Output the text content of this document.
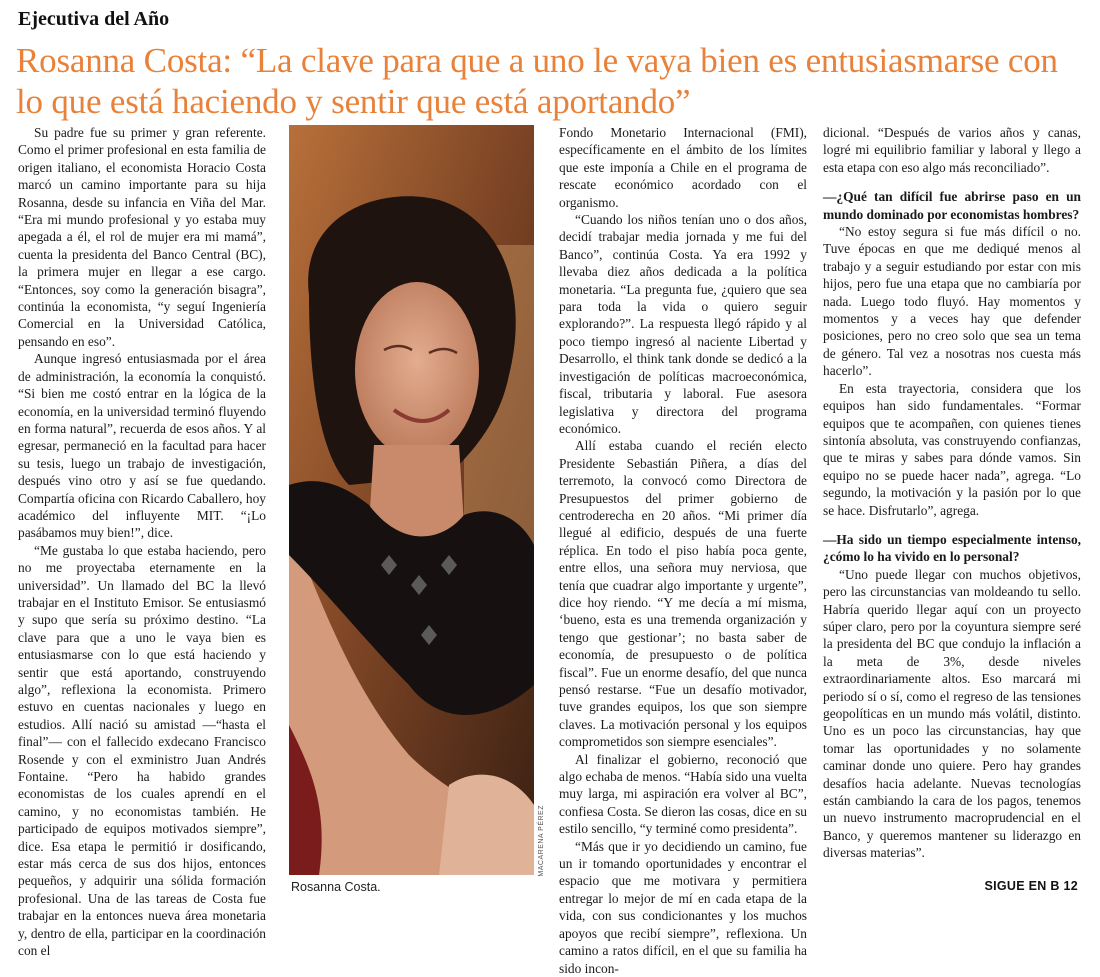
Ejecutiva del Año
Rosanna Costa: “La clave para que a uno le vaya bien es entusiasmarse con lo que está haciendo y sentir que está aportando”

Su padre fue su primer y gran referente. Como el primer profesional en esta familia de origen italiano, el economista Horacio Costa marcó un camino importante para su hija Rosanna, desde su infancia en Viña del Mar. “Era mi mundo profesional y yo estaba muy apegada a él, el rol de mujer era mi mamá”, cuenta la presidenta del Banco Central (BC), la primera mujer en llegar a ese cargo. “Entonces, soy como la generación bisagra”, continúa la economista, “y seguí Ingeniería Comercial en la Universidad Católica, pensando en eso”.

Aunque ingresó entusiasmada por el área de administración, la economía la conquistó. “Si bien me costó entrar en la lógica de la economía, en la universidad terminó fluyendo en forma natural”, recuerda de esos años. Y al egresar, permaneció en la facultad para hacer su tesis, luego un trabajo de investigación, después vino otro y así se fue quedando. Compartía oficina con Ricardo Caballero, hoy académico del influyente MIT. “¡Lo pasábamos muy bien!”, dice.

“Me gustaba lo que estaba haciendo, pero no me proyectaba eternamente en la universidad”. Un llamado del BC la llevó trabajar en el Instituto Emisor. Se entusiasmó y supo que sería su próximo destino. “La clave para que a uno le vaya bien es entusiasmarse con lo que está haciendo y sentir que está aportando, construyendo algo”, reflexiona la economista. Primero estuvo en cuentas nacionales y luego en estudios. Allí nació su amistad —“hasta el final”— con el fallecido exdecano Francisco Rosende y con el exministro Juan Andrés Fontaine. “Pero ha habido grandes economistas de los cuales aprendí en el camino, y no economistas también. He participado de equipos motivados siempre”, dice. Esa etapa le permitió ir dosificando, estar más cerca de sus dos hijos, entonces pequeños, y adquirir una sólida formación profesional. Una de las tareas de Costa fue trabajar en la entonces nueva área monetaria y, dentro de ella, participar en la coordinación con el

MACARENA PÉREZ
Rosanna Costa.

Fondo Monetario Internacional (FMI), específicamente en el ámbito de los límites que este imponía a Chile en el programa de rescate económico acordado con el organismo.

“Cuando los niños tenían uno o dos años, decidí trabajar media jornada y me fui del Banco”, continúa Costa. Ya era 1992 y llevaba diez años dedicada a la política monetaria. “La pregunta fue, ¿quiero que sea para toda la vida o quiero seguir explorando?”. La respuesta llegó rápido y al poco tiempo ingresó al naciente Libertad y Desarrollo, el think tank donde se dedicó a la investigación de políticas macroeconómica, fiscal, tributaria y laboral. Fue asesora legislativa y directora del programa económico.

Allí estaba cuando el recién electo Presidente Sebastián Piñera, a días del terremoto, la convocó como Directora de Presupuestos del primer gobierno de centroderecha en 20 años. “Mi primer día llegué al edificio, después de una fuerte réplica. En todo el piso había poca gente, entre ellos, una señora muy nerviosa, que tenía que cuadrar algo importante y urgente”, dice hoy riendo. “Y me decía a mí misma, ‘bueno, esta es una tremenda organización y tengo que gestionar’; no basta saber de economía, de presupuesto o de política fiscal”. Fue un enorme desafío, del que nunca pensó restarse. “Fue un desafío motivador, tuve grandes equipos, los que son siempre claves. La motivación personal y los equipos comprometidos son siempre esenciales”.

Al finalizar el gobierno, reconoció que algo echaba de menos. “Había sido una vuelta muy larga, mi aspiración era volver al BC”, confiesa Costa. Se dieron las cosas, dice en su estilo sencillo, “y terminé como presidenta”.

“Más que ir yo decidiendo un camino, fue un ir tomando oportunidades y encontrar el espacio que me motivara y permitiera entregar lo mejor de mí en cada etapa de la vida, con sus condicionantes y los muchos apoyos que recibí siempre”, reflexiona. Un camino a ratos difícil, en el que su familia ha sido incon-

dicional. “Después de varios años y canas, logré mi equilibrio familiar y laboral y llego a esta etapa con eso algo más reconciliado”.

—¿Qué tan difícil fue abrirse paso en un mundo dominado por economistas hombres?

“No estoy segura si fue más difícil o no. Tuve épocas en que me dediqué menos al trabajo y a seguir estudiando por estar con mis hijos, pero fue una etapa que no cambiaría por nada. Luego todo fluyó. Hay momentos y momentos y a veces hay que defender posiciones, pero no creo solo que sea un tema de género. Tal vez a nosotras nos cuesta más hacerlo”.

En esta trayectoria, considera que los equipos han sido fundamentales. “Formar equipos que te acompañen, con quienes tienes sintonía absoluta, vas construyendo confianzas, que te miras y sabes para dónde vamos. Sin equipo no se puede hacer nada”, agrega. “Lo segundo, la motivación y la pasión por lo que se hace. Disfrutarlo”, agrega.

—Ha sido un tiempo especialmente intenso, ¿cómo lo ha vivido en lo personal?

“Uno puede llegar con muchos objetivos, pero las circunstancias van moldeando tu sello. Habría querido llegar aquí con un proyecto súper claro, pero por la coyuntura siempre seré la presidenta del BC que condujo la inflación a la meta de 3%, desde niveles extraordinariamente altos. Eso marcará mi periodo sí o sí, como el regreso de las tensiones geopolíticas en un mundo más volátil, distinto. Uno es un poco las circunstancias, hay que tomar las oportunidades y no solamente caminar donde uno quiere. Pero hay grandes desafíos hacia adelante. Nuevas tecnologías están cambiando la cara de los pagos, tenemos un nuevo instrumento macroprudencial en el Banco, y queremos mantener su liderazgo en diversas materias”.

SIGUE EN B 12
